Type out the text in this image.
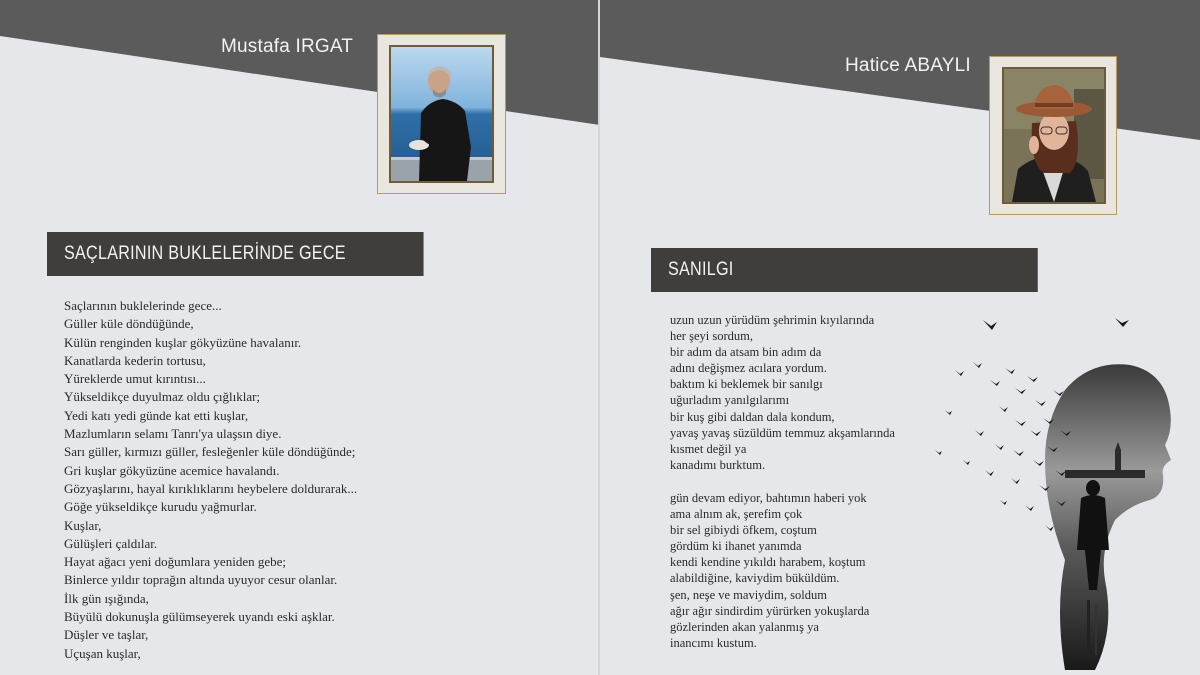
Mustafa IRGAT
SAÇLARININ BUKLELERİNDE GECE

Saçlarının buklelerinde gece...

Güller küle döndüğünde,

Külün renginden kuşlar gökyüzüne havalanır.

Kanatlarda kederin tortusu,

Yüreklerde umut kırıntısı...

Yükseldikçe duyulmaz oldu çığlıklar;

Yedi katı yedi günde kat etti kuşlar,

Mazlumların selamı Tanrı'ya ulaşsın diye.

Sarı güller, kırmızı güller, fesleğenler küle döndüğünde;

Gri kuşlar gökyüzüne acemice havalandı.

Gözyaşlarını, hayal kırıklıklarını heybelere doldurarak...

Göğe yükseldikçe kurudu yağmurlar.

Kuşlar,

Gülüşleri çaldılar.

Hayat ağacı yeni doğumlara yeniden gebe;

Binlerce yıldır toprağın altında uyuyor cesur olanlar.

İlk gün ışığında,

Büyülü dokunuşla gülümseyerek uyandı eski aşklar.

Düşler ve taşlar,

Uçuşan kuşlar,

Hatice ABAYLI
SANILGI

uzun uzun yürüdüm şehrimin kıyılarında

her şeyi sordum,

bir adım da atsam bin adım da

adını değişmez acılara yordum.

baktım ki beklemek bir sanılgı

uğurladım yanılgılarımı

bir kuş gibi daldan dala kondum,

yavaş yavaş süzüldüm temmuz akşamlarında

kısmet değil ya

kanadımı burktum.

gün devam ediyor, bahtımın haberi yok

ama alnım ak, şerefim çok

bir sel gibiydi öfkem, coştum

gördüm ki ihanet yanımda

kendi kendine yıkıldı harabem, koştum

alabildiğine, kaviydim büküldüm.

şen, neşe ve maviydim, soldum

ağır ağır sindirdim yürürken yokuşlarda

gözlerinden akan yalanmış ya

inancımı kustum.
